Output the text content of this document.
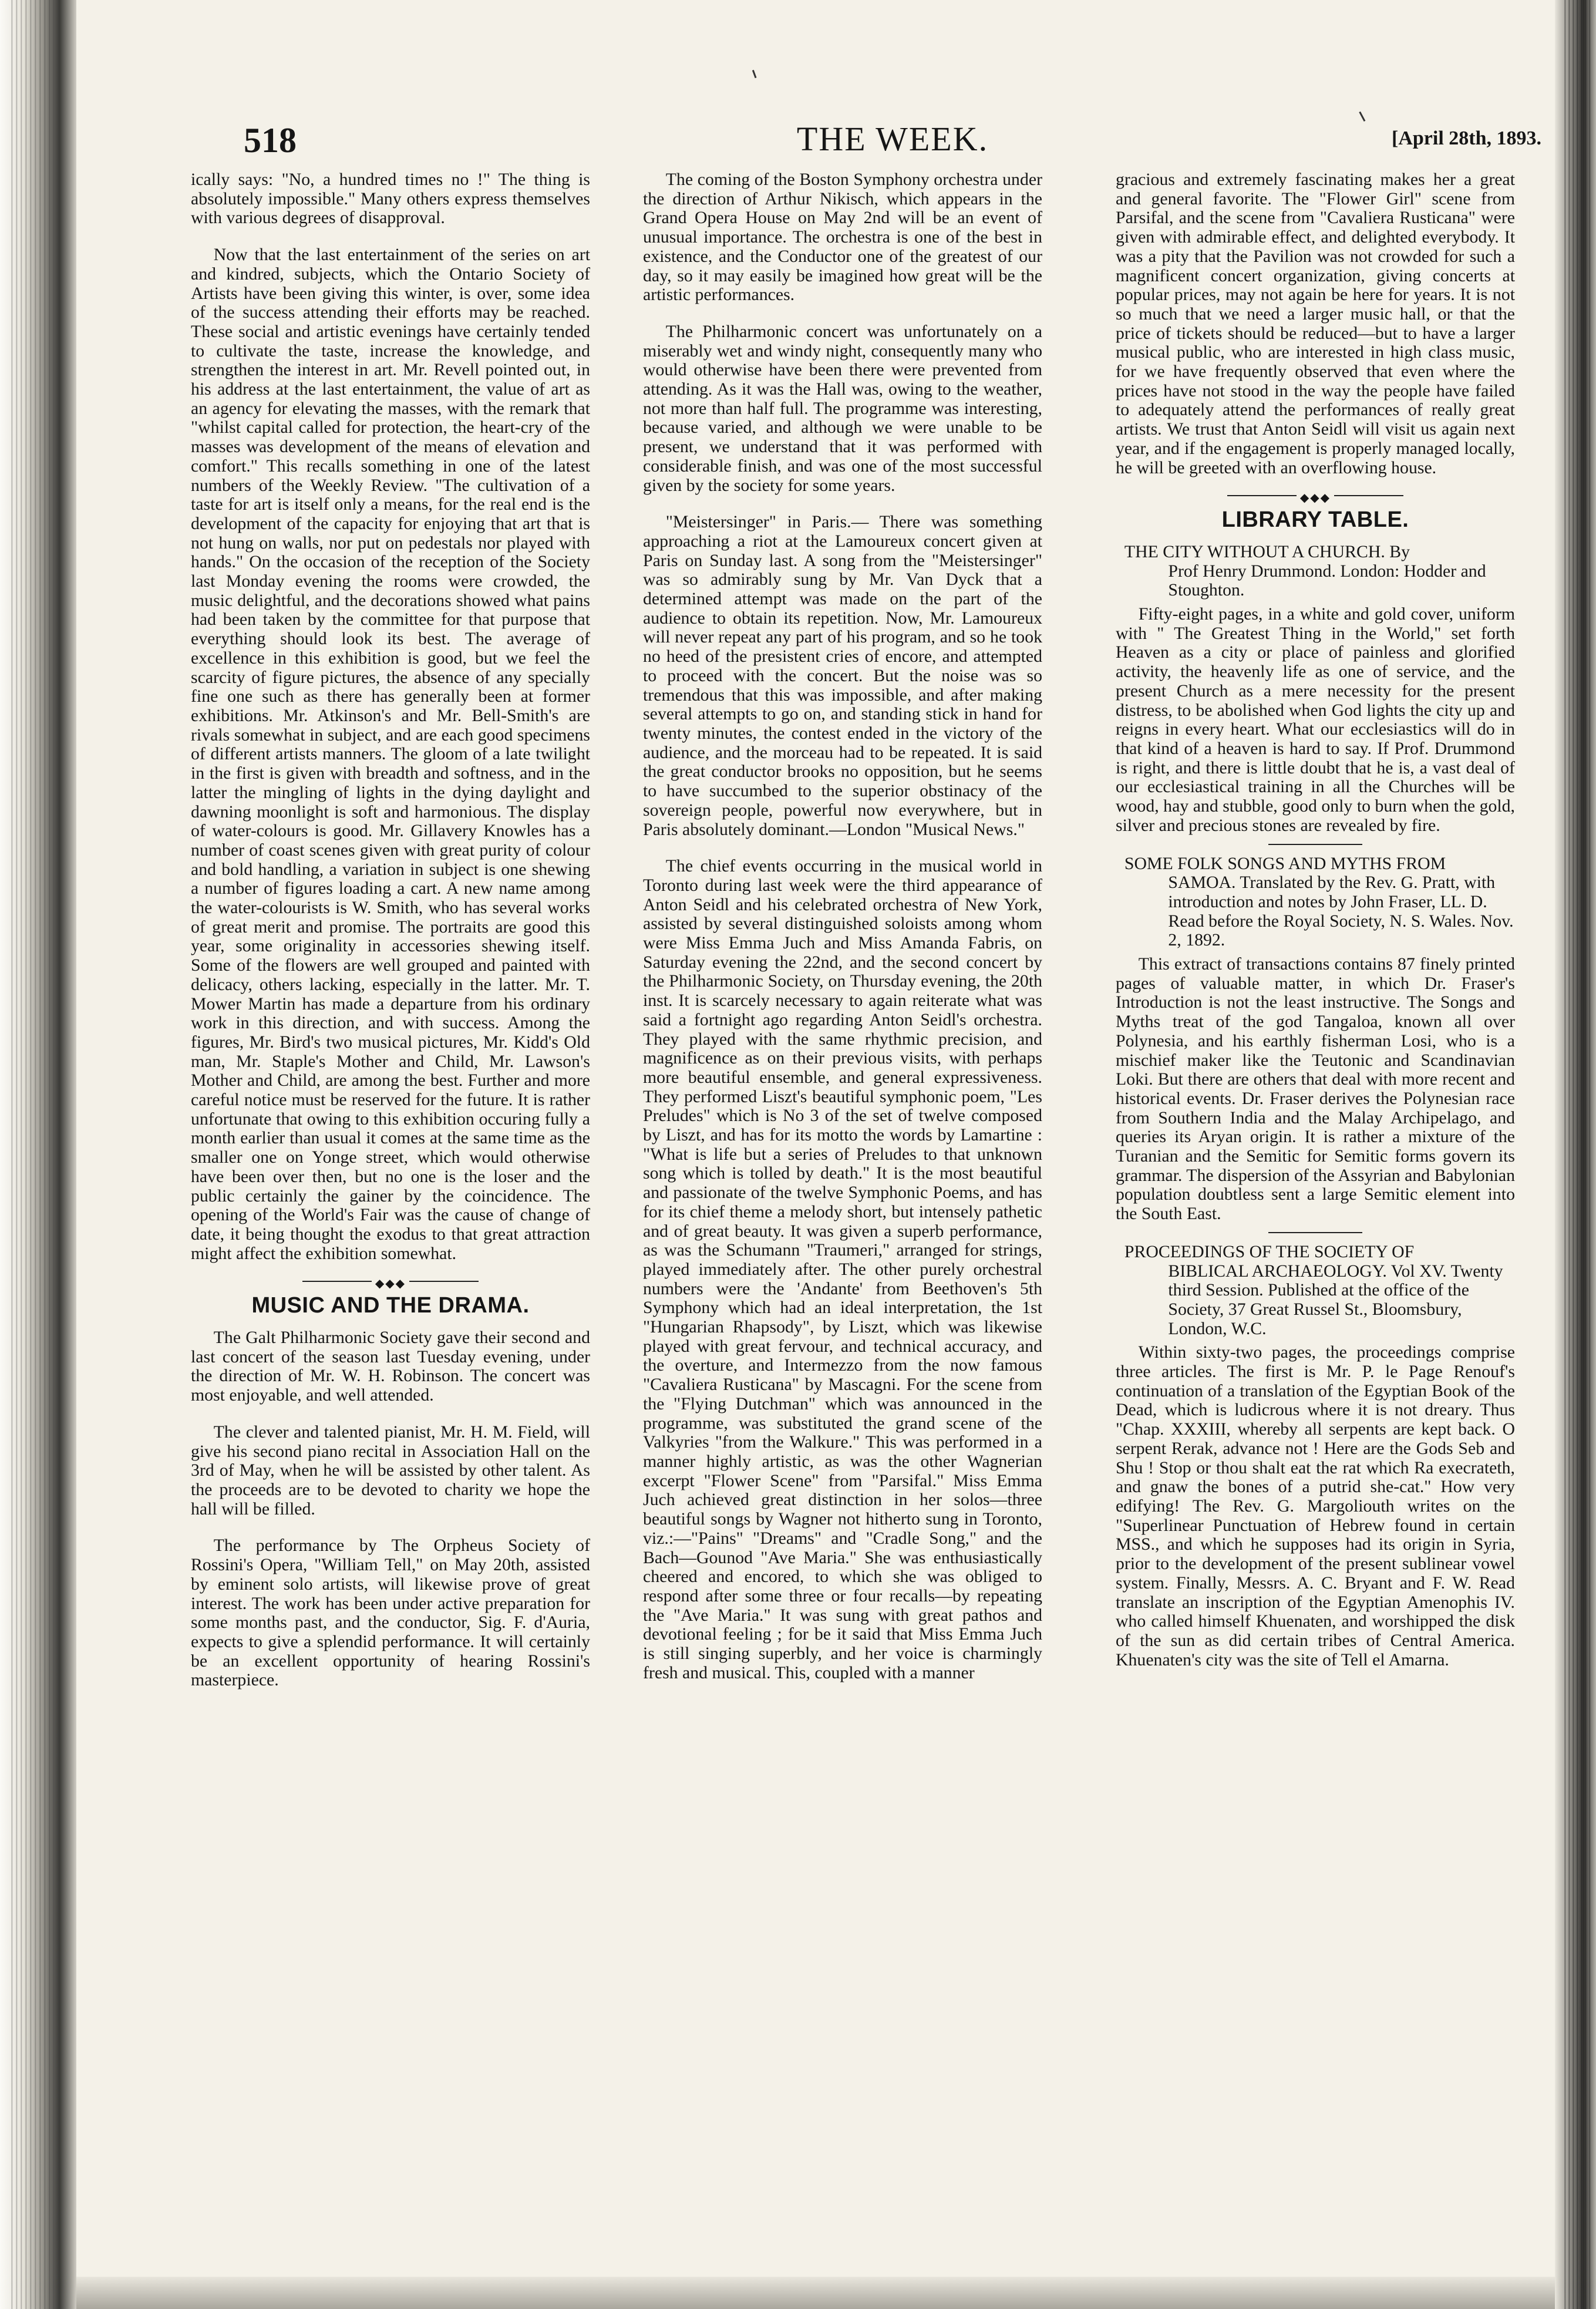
THE WEEK.
518	[April 28th, 1893.

ically says: "No, a hundred times no !" The thing is absolutely impossible." Many others express themselves with various degrees of disapproval.

Now that the last entertainment of the series on art and kindred, subjects, which the Ontario Society of Artists have been giving this winter, is over, some idea of the success attending their efforts may be reached. These social and artistic evenings have certainly tended to cultivate the taste, increase the knowledge, and strengthen the interest in art. Mr. Revell pointed out, in his address at the last entertainment, the value of art as an agency for elevating the masses, with the remark that "whilst capital called for protection, the heart-cry of the masses was development of the means of elevation and comfort." This recalls something in one of the latest numbers of the Weekly Review. "The cultivation of a taste for art is itself only a means, for the real end is the development of the capacity for enjoying that art that is not hung on walls, nor put on pedestals nor played with hands." On the occasion of the reception of the Society last Monday evening the rooms were crowded, the music delightful, and the decorations showed what pains had been taken by the committee for that purpose that everything should look its best. The average of excellence in this exhibition is good, but we feel the scarcity of figure pictures, the absence of any specially fine one such as there has generally been at former exhibitions. Mr. Atkinson's and Mr. Bell-Smith's are rivals somewhat in subject, and are each good specimens of different artists manners. The gloom of a late twilight in the first is given with breadth and softness, and in the latter the mingling of lights in the dying daylight and dawning moonlight is soft and harmonious. The display of water-colours is good. Mr. Gillavery Knowles has a number of coast scenes given with great purity of colour and bold handling, a variation in subject is one shewing a number of figures loading a cart. A new name among the water-colourists is W. Smith, who has several works of great merit and promise. The portraits are good this year, some originality in accessories shewing itself. Some of the flowers are well grouped and painted with delicacy, others lacking, especially in the latter. Mr. T. Mower Martin has made a departure from his ordinary work in this direction, and with success. Among the figures, Mr. Bird's two musical pictures, Mr. Kidd's Old man, Mr. Staple's Mother and Child, Mr. Lawson's Mother and Child, are among the best. Further and more careful notice must be reserved for the future. It is rather unfortunate that owing to this exhibition occuring fully a month earlier than usual it comes at the same time as the smaller one on Yonge street, which would otherwise have been over then, but no one is the loser and the public certainly the gainer by the coincidence. The opening of the World's Fair was the cause of change of date, it being thought the exodus to that great attraction might affect the exhibition somewhat.

◆◆◆
MUSIC AND THE DRAMA.

The Galt Philharmonic Society gave their second and last concert of the season last Tuesday evening, under the direction of Mr. W. H. Robinson. The concert was most enjoyable, and well attended.

The clever and talented pianist, Mr. H. M. Field, will give his second piano recital in Association Hall on the 3rd of May, when he will be assisted by other talent. As the proceeds are to be devoted to charity we hope the hall will be filled.

The performance by The Orpheus Society of Rossini's Opera, "William Tell," on May 20th, assisted by eminent solo artists, will likewise prove of great interest. The work has been under active preparation for some months past, and the conductor, Sig. F. d'Auria, expects to give a splendid performance. It will certainly be an excellent opportunity of hearing Rossini's masterpiece.

The coming of the Boston Symphony orchestra under the direction of Arthur Nikisch, which appears in the Grand Opera House on May 2nd will be an event of unusual importance. The orchestra is one of the best in existence, and the Conductor one of the greatest of our day, so it may easily be imagined how great will be the artistic performances.

The Philharmonic concert was unfortunately on a miserably wet and windy night, consequently many who would otherwise have been there were prevented from attending. As it was the Hall was, owing to the weather, not more than half full. The programme was interesting, because varied, and although we were unable to be present, we understand that it was performed with considerable finish, and was one of the most successful given by the society for some years.

"Meistersinger" in Paris.— There was something approaching a riot at the Lamoureux concert given at Paris on Sunday last. A song from the "Meistersinger" was so admirably sung by Mr. Van Dyck that a determined attempt was made on the part of the audience to obtain its repetition. Now, Mr. Lamoureux will never repeat any part of his program, and so he took no heed of the presistent cries of encore, and attempted to proceed with the concert. But the noise was so tremendous that this was impossible, and after making several attempts to go on, and standing stick in hand for twenty minutes, the contest ended in the victory of the audience, and the morceau had to be repeated. It is said the great conductor brooks no opposition, but he seems to have succumbed to the superior obstinacy of the sovereign people, powerful now everywhere, but in Paris absolutely dominant.—London "Musical News."

The chief events occurring in the musical world in Toronto during last week were the third appearance of Anton Seidl and his celebrated orchestra of New York, assisted by several distinguished soloists among whom were Miss Emma Juch and Miss Amanda Fabris, on Saturday evening the 22nd, and the second concert by the Philharmonic Society, on Thursday evening, the 20th inst. It is scarcely necessary to again reiterate what was said a fortnight ago regarding Anton Seidl's orchestra. They played with the same rhythmic precision, and magnificence as on their previous visits, with perhaps more beautiful ensemble, and general expressiveness. They performed Liszt's beautiful symphonic poem, "Les Preludes" which is No 3 of the set of twelve composed by Liszt, and has for its motto the words by Lamartine : "What is life but a series of Preludes to that unknown song which is tolled by death." It is the most beautiful and passionate of the twelve Symphonic Poems, and has for its chief theme a melody short, but intensely pathetic and of great beauty. It was given a superb performance, as was the Schumann "Traumeri," arranged for strings, played immediately after. The other purely orchestral numbers were the 'Andante' from Beethoven's 5th Symphony which had an ideal interpretation, the 1st "Hungarian Rhapsody", by Liszt, which was likewise played with great fervour, and technical accuracy, and the overture, and Intermezzo from the now famous "Cavaliera Rusticana" by Mascagni. For the scene from the "Flying Dutchman" which was announced in the programme, was substituted the grand scene of the Valkyries "from the Walkure." This was performed in a manner highly artistic, as was the other Wagnerian excerpt "Flower Scene" from "Parsifal." Miss Emma Juch achieved great distinction in her solos—three beautiful songs by Wagner not hitherto sung in Toronto, viz.:—"Pains" "Dreams" and "Cradle Song," and the Bach—Gounod "Ave Maria." She was enthusiastically cheered and encored, to which she was obliged to respond after some three or four recalls—by repeating the "Ave Maria." It was sung with great pathos and devotional feeling ; for be it said that Miss Emma Juch is still singing superbly, and her voice is charmingly fresh and musical. This, coupled with a manner

gracious and extremely fascinating makes her a great and general favorite. The "Flower Girl" scene from Parsifal, and the scene from "Cavaliera Rusticana" were given with admirable effect, and delighted everybody. It was a pity that the Pavilion was not crowded for such a magnificent concert organization, giving concerts at popular prices, may not again be here for years. It is not so much that we need a larger music hall, or that the price of tickets should be reduced—but to have a larger musical public, who are interested in high class music, for we have frequently observed that even where the prices have not stood in the way the people have failed to adequately attend the performances of really great artists. We trust that Anton Seidl will visit us again next year, and if the engagement is properly managed locally, he will be greeted with an overflowing house.

◆◆◆
LIBRARY TABLE.

THE CITY WITHOUT A CHURCH. By

Prof Henry Drummond. London: Hodder and Stoughton.

Fifty-eight pages, in a white and gold cover, uniform with " The Greatest Thing in the World," set forth Heaven as a city or place of painless and glorified activity, the heavenly life as one of service, and the present Church as a mere necessity for the present distress, to be abolished when God lights the city up and reigns in every heart. What our ecclesiastics will do in that kind of a heaven is hard to say. If Prof. Drummond is right, and there is little doubt that he is, a vast deal of our ecclesiastical training in all the Churches will be wood, hay and stubble, good only to burn when the gold, silver and precious stones are revealed by fire.

SOME FOLK SONGS AND MYTHS FROM

SAMOA. Translated by the Rev. G. Pratt, with introduction and notes by John Fraser, LL. D. Read before the Royal Society, N. S. Wales. Nov. 2, 1892.

This extract of transactions contains 87 finely printed pages of valuable matter, in which Dr. Fraser's Introduction is not the least instructive. The Songs and Myths treat of the god Tangaloa, known all over Polynesia, and his earthly fisherman Losi, who is a mischief maker like the Teutonic and Scandinavian Loki. But there are others that deal with more recent and historical events. Dr. Fraser derives the Polynesian race from Southern India and the Malay Archipelago, and queries its Aryan origin. It is rather a mixture of the Turanian and the Semitic for Semitic forms govern its grammar. The dispersion of the Assyrian and Babylonian population doubtless sent a large Semitic element into the South East.

PROCEEDINGS OF THE SOCIETY OF

BIBLICAL ARCHAEOLOGY. Vol XV. Twenty third Session. Published at the office of the Society, 37 Great Russel St., Bloomsbury, London, W.C.

Within sixty-two pages, the proceedings comprise three articles. The first is Mr. P. le Page Renouf's continuation of a translation of the Egyptian Book of the Dead, which is ludicrous where it is not dreary. Thus "Chap. XXXIII, whereby all serpents are kept back. O serpent Rerak, advance not ! Here are the Gods Seb and Shu ! Stop or thou shalt eat the rat which Ra execrateth, and gnaw the bones of a putrid she-cat." How very edifying! The Rev. G. Margoliouth writes on the "Superlinear Punctuation of Hebrew found in certain MSS., and which he supposes had its origin in Syria, prior to the development of the present sublinear vowel system. Finally, Messrs. A. C. Bryant and F. W. Read translate an inscription of the Egyptian Amenophis IV. who called himself Khuenaten, and worshipped the disk of the sun as did certain tribes of Central America. Khuenaten's city was the site of Tell el Amarna.
